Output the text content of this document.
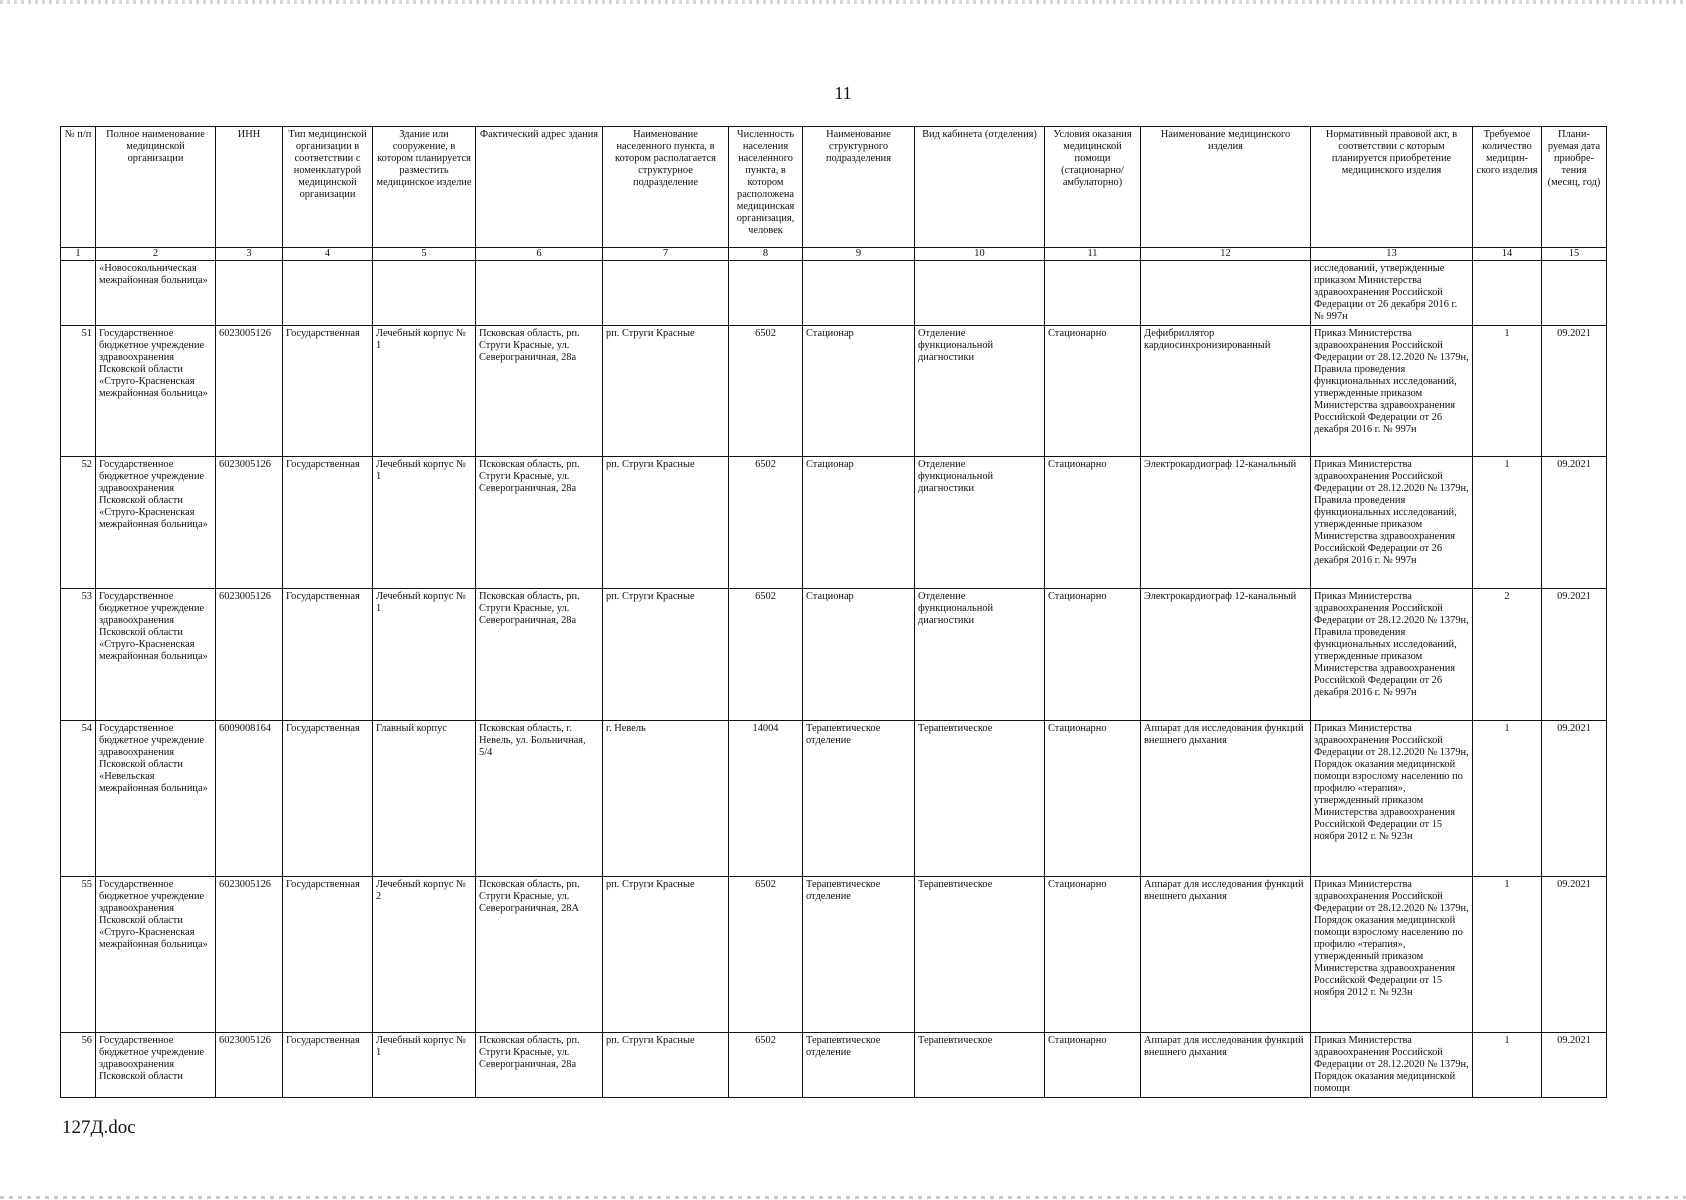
11
№ п/п	Полное наименование медицинской организации	ИНН	Тип медицинской организации в соответствии с номенклатурой медицинской организации	Здание или сооружение, в котором планируется разместить медицинское изделие	Фактический адрес здания	Наименование населенного пункта, в котором располагается структурное подразделение	Численность населения населенного пункта, в котором расположена медицинская организация, человек	Наименование структурного подразделения	Вид кабинета (отделения)	Условия оказания медицинской помощи (стационарно/ амбулаторно)	Наименование медицинского изделия	Нормативный правовой акт, в соответствии с которым планируется приобретение медицинского изделия	Требуемое количество медицин-ского изделия	Плани-руемая дата приобре-тения (месяц, год)
1	2	3	4	5	6	7	8	9	10	11	12	13	14	15
	«Новосокольническая межрайонная больница»											исследований, утвержденные приказом Министерства здравоохранения Российской Федерации от 26 декабря 2016 г. № 997н		
51	Государственное бюджетное учреждение здравоохранения Псковской области «Струго-Красненская межрайонная больница»	6023005126	Государственная	Лечебный корпус № 1	Псковская область, рп. Струги Красные, ул. Северограничная, 28а	рп. Струги Красные	6502	Стационар	Отделение функциональной диагностики	Стационарно	Дефибриллятор кардиосинхронизированный	Приказ Министерства здравоохранения Российской Федерации от 28.12.2020 № 1379н, Правила проведения функциональных исследований, утвержденные приказом Министерства здравоохранения Российской Федерации от 26 декабря 2016 г. № 997н	1	09.2021
52	Государственное бюджетное учреждение здравоохранения Псковской области «Струго-Красненская межрайонная больница»	6023005126	Государственная	Лечебный корпус № 1	Псковская область, рп. Струги Красные, ул. Северограничная, 28а	рп. Струги Красные	6502	Стационар	Отделение функциональной диагностики	Стационарно	Электрокардиограф 12-канальный	Приказ Министерства здравоохранения Российской Федерации от 28.12.2020 № 1379н, Правила проведения функциональных исследований, утвержденные приказом Министерства здравоохранения Российской Федерации от 26 декабря 2016 г. № 997н	1	09.2021
53	Государственное бюджетное учреждение здравоохранения Псковской области «Струго-Красненская межрайонная больница»	6023005126	Государственная	Лечебный корпус № 1	Псковская область, рп. Струги Красные, ул. Северограничная, 28а	рп. Струги Красные	6502	Стационар	Отделение функциональной диагностики	Стационарно	Электрокардиограф 12-канальный	Приказ Министерства здравоохранения Российской Федерации от 28.12.2020 № 1379н, Правила проведения функциональных исследований, утвержденные приказом Министерства здравоохранения Российской Федерации от 26 декабря 2016 г. № 997н	2	09.2021
54	Государственное бюджетное учреждение здравоохранения Псковской области «Невельская межрайонная больница»	6009008164	Государственная	Главный корпус	Псковская область, г. Невель, ул. Больничная, 5/4	г. Невель	14004	Терапевтическое отделение	Терапевтическое	Стационарно	Аппарат для исследования функций внешнего дыхания	Приказ Министерства здравоохранения Российской Федерации от 28.12.2020 № 1379н, Порядок оказания медицинской помощи взрослому населению по профилю «терапия», утвержденный приказом Министерства здравоохранения Российской Федерации от 15 ноября 2012 г. № 923н	1	09.2021
55	Государственное бюджетное учреждение здравоохранения Псковской области «Струго-Красненская межрайонная больница»	6023005126	Государственная	Лечебный корпус № 2	Псковская область, рп. Струги Красные, ул. Северограничная, 28А	рп. Струги Красные	6502	Терапевтическое отделение	Терапевтическое	Стационарно	Аппарат для исследования функций внешнего дыхания	Приказ Министерства здравоохранения Российской Федерации от 28.12.2020 № 1379н, Порядок оказания медицинской помощи взрослому населению по профилю «терапия», утвержденный приказом Министерства здравоохранения Российской Федерации от 15 ноября 2012 г. № 923н	1	09.2021
56	Государственное бюджетное учреждение здравоохранения Псковской области	6023005126	Государственная	Лечебный корпус № 1	Псковская область, рп. Струги Красные, ул. Северограничная, 28а	рп. Струги Красные	6502	Терапевтическое отделение	Терапевтическое	Стационарно	Аппарат для исследования функций внешнего дыхания	Приказ Министерства здравоохранения Российской Федерации от 28.12.2020 № 1379н, Порядок оказания медицинской помощи	1	09.2021
127Д.doc
